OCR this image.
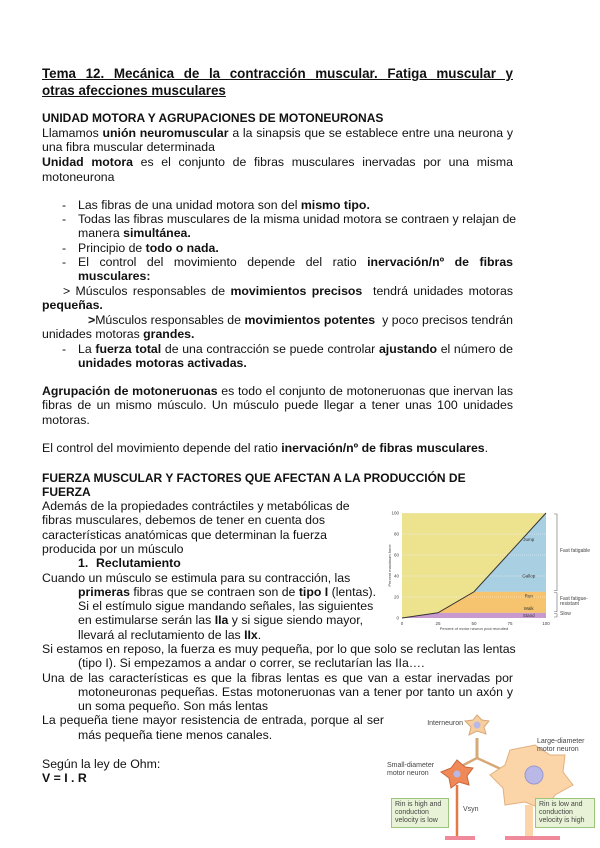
Tema 12. Mecánica de la contracción muscular. Fatiga muscular y
otras afecciones musculares
UNIDAD MOTORA Y AGRUPACIONES DE MOTONEURONAS
Llamamos unión neuromuscular a la sinapsis que se establece entre una neurona y
una fibra muscular determinada
Unidad motora es el conjunto de fibras musculares inervadas por una misma
motoneurona
- Las fibras de una unidad motora son del mismo tipo.
- Todas las fibras musculares de la misma unidad motora se contraen y relajan de
manera simultánea.
- Principio de todo o nada.
- El control del movimiento depende del ratio inervación/nº de fibras
musculares:
> Músculos responsables de movimientos precisos  tendrá unidades motoras
pequeñas.
>Músculos responsables de movimientos potentes  y poco precisos tendrán
unidades motoras grandes.
- La fuerza total de una contracción se puede controlar ajustando el número de
unidades motoras activadas.
Agrupación de motoneruonas es todo el conjunto de motoneruonas que inervan las
fibras de un mismo músculo. Un músculo puede llegar a tener unas 100 unidades
motoras.
El control del movimiento depende del ratio inervación/nº de fibras musculares.
FUERZA MUSCULAR Y FACTORES QUE AFECTAN A LA PRODUCCIÓN DE
FUERZA
Además de la propiedades contráctiles y metabólicas de
fibras musculares, debemos de tener en cuenta dos
características anatómicas que determinan la fuerza
producida por un músculo
1. Reclutamiento
Cuando un músculo se estimula para su contracción, las
primeras fibras que se contraen son de tipo I (lentas).
Si el estímulo sigue mandando señales, las siguientes
en estimularse serán las IIa y si sigue siendo mayor,
llevará al reclutamiento de las IIx.
Si estamos en reposo, la fuerza es muy pequeña, por lo que solo se reclutan las lentas
(tipo I). Si empezamos a andar o correr, se reclutarían las IIa….
Una de las características es que la fibras lentas es que van a estar inervadas por
motoneuronas pequeñas. Estas motoneruonas van a tener por tanto un axón y
un soma pequeño. Son más lentas
La pequeña tiene mayor resistencia de entrada, porque al ser
más pequeña tiene menos canales.
Según la ley de Ohm:
V = I . R
0
20
40
60
80
100
0	25	50	75	100
Percent of motor neuron pool recruited
Percent maximum force
Jump
Gallop
Run
Walk
Stand
Interneuron
Small-diameter motor neuron
Large-diameter motor neuron
Rin is high and conduction velocity is low
Rin is low and conduction velocity is high
Vsyn
Slow
Fast fatigue-resistant
Fast fatigable
